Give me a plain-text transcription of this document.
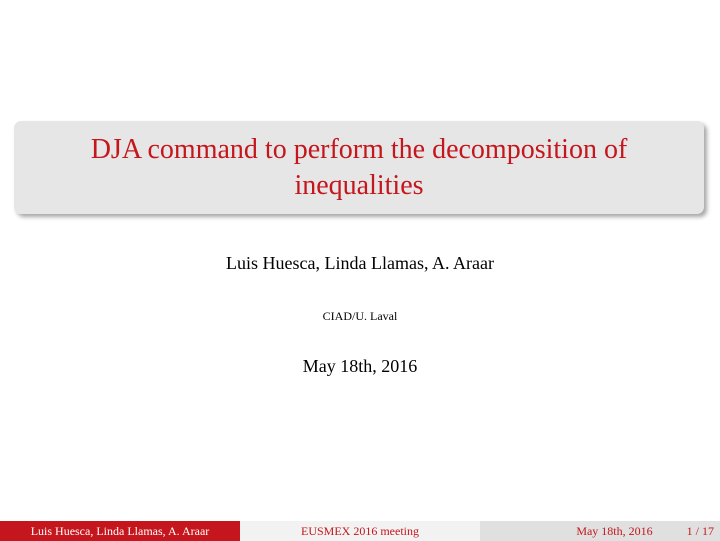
DJA command to perform the decomposition of
inequalities
Luis Huesca, Linda Llamas, A. Araar
CIAD/U. Laval
May 18th, 2016
Luis Huesca, Linda Llamas, A. Araar	EUSMEX 2016 meeting	May 18th, 2016	1 / 17
